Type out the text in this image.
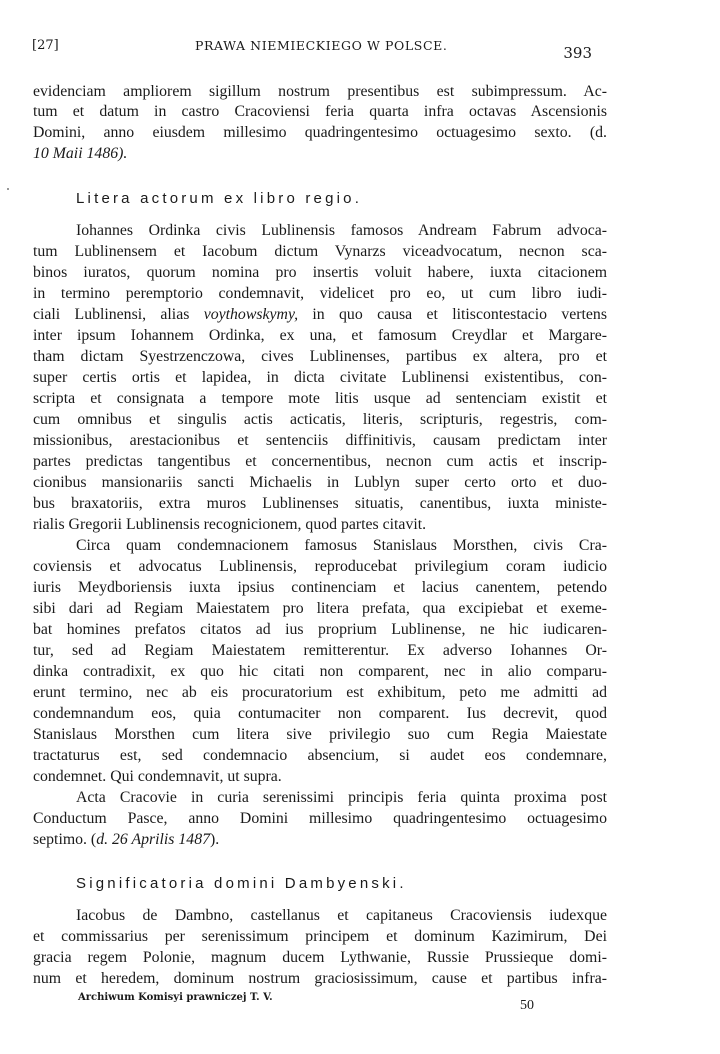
[27]	PRAWA NIEMIECKIEGO W POLSCE.	393
evidenciam ampliorem sigillum nostrum presentibus est subimpressum. Ac-
tum et datum in castro Cracoviensi feria quarta infra octavas Ascensionis
Domini, anno eiusdem millesimo quadringentesimo octuagesimo sexto. (d.
10 Maii 1486).
Litera actorum ex libro regio.
Iohannes Ordinka civis Lublinensis famosos Andream Fabrum advoca-
tum Lublinensem et Iacobum dictum Vynarzs viceadvocatum, necnon sca-
binos iuratos, quorum nomina pro insertis voluit habere, iuxta citacionem
in termino peremptorio condemnavit, videlicet pro eo, ut cum libro iudi-
ciali Lublinensi, alias voythowskymy, in quo causa et litiscontestacio vertens
inter ipsum Iohannem Ordinka, ex una, et famosum Creydlar et Margare-
tham dictam Syestrzenczowa, cives Lublinenses, partibus ex altera, pro et
super certis ortis et lapidea, in dicta civitate Lublinensi existentibus, con-
scripta et consignata a tempore mote litis usque ad sentenciam existit et
cum omnibus et singulis actis acticatis, literis, scripturis, regestris, com-
missionibus, arestacionibus et sentenciis diffinitivis, causam predictam inter
partes predictas tangentibus et concernentibus, necnon cum actis et inscrip-
cionibus mansionariis sancti Michaelis in Lublyn super certo orto et duo-
bus braxatoriis, extra muros Lublinenses situatis, canentibus, iuxta ministe-
rialis Gregorii Lublinensis recognicionem, quod partes citavit.
Circa quam condemnacionem famosus Stanislaus Morsthen, civis Cra-
coviensis et advocatus Lublinensis, reproducebat privilegium coram iudicio
iuris Meydboriensis iuxta ipsius continenciam et lacius canentem, petendo
sibi dari ad Regiam Maiestatem pro litera prefata, qua excipiebat et exeme-
bat homines prefatos citatos ad ius proprium Lublinense, ne hic iudicaren-
tur, sed ad Regiam Maiestatem remitterentur. Ex adverso Iohannes Or-
dinka contradixit, ex quo hic citati non comparent, nec in alio comparu-
erunt termino, nec ab eis procuratorium est exhibitum, peto me admitti ad
condemnandum eos, quia contumaciter non comparent. Ius decrevit, quod
Stanislaus Morsthen cum litera sive privilegio suo cum Regia Maiestate
tractaturus est, sed condemnacio absencium, si audet eos condemnare,
condemnet. Qui condemnavit, ut supra.
Acta Cracovie in curia serenissimi principis feria quinta proxima post
Conductum Pasce, anno Domini millesimo quadringentesimo octuagesimo
septimo. (d. 26 Aprilis 1487).
Significatoria domini Dambyenski.
Iacobus de Dambno, castellanus et capitaneus Cracoviensis iudexque
et commissarius per serenissimum principem et dominum Kazimirum, Dei
gracia regem Polonie, magnum ducem Lythwanie, Russie Prussieque domi-
num et heredem, dominum nostrum graciosissimum, cause et partibus infra-
Archiwum Komisyi prawniczej T. V.
50
